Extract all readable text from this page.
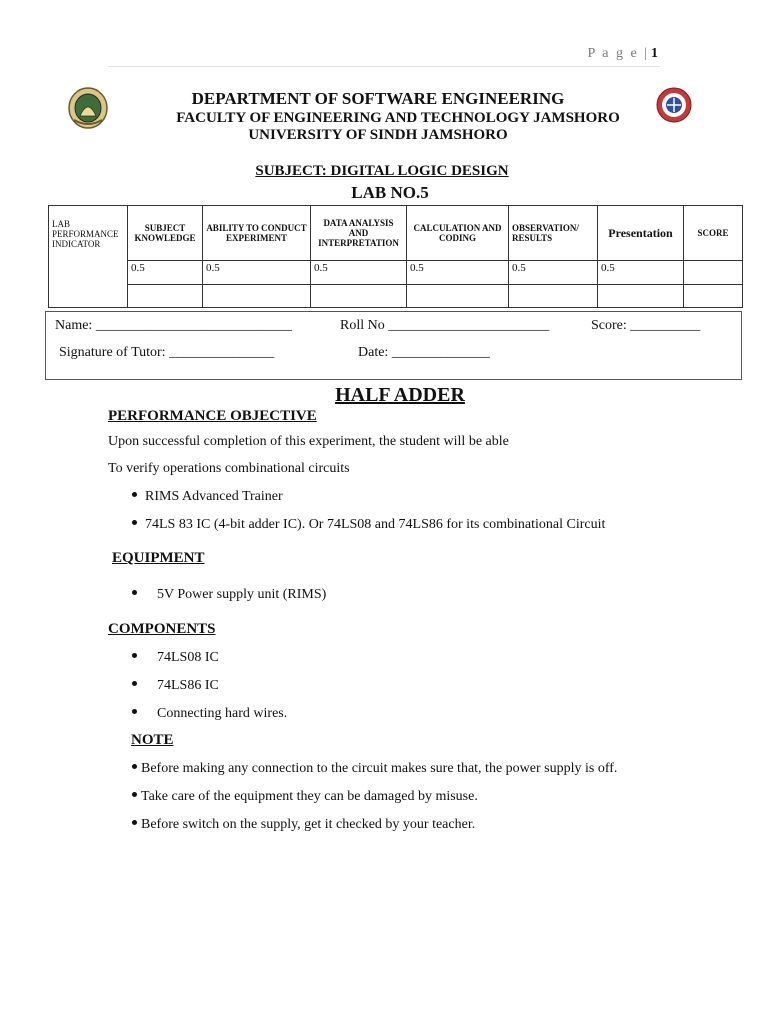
P a g e | 1
DEPARTMENT OF SOFTWARE ENGINEERING
FACULTY OF ENGINEERING AND TECHNOLOGY JAMSHORO
UNIVERSITY OF SINDH JAMSHORO
SUBJECT: DIGITAL LOGIC DESIGN
LAB NO.5
LAB PERFORMANCE INDICATOR	SUBJECT KNOWLEDGE	ABILITY TO CONDUCT EXPERIMENT	DATA ANALYSIS AND INTERPRETATION	CALCULATION AND CODING	OBSERVATION/ RESULTS	Presentation	SCORE
	0.5	0.5	0.5	0.5	0.5	0.5	

Name: ____________________________	Roll No _______________________	Score: __________
Signature of Tutor: _______________	Date: ______________
HALF ADDER
PERFORMANCE OBJECTIVE
Upon successful completion of this experiment, the student will be able
To verify operations combinational circuits
RIMS Advanced Trainer
74LS 83 IC (4-bit adder IC). Or 74LS08 and 74LS86 for its combinational Circuit
EQUIPMENT
5V Power supply unit (RIMS)
COMPONENTS
74LS08 IC
74LS86 IC
Connecting hard wires.
NOTE
Before making any connection to the circuit makes sure that, the power supply is off.
Take care of the equipment they can be damaged by misuse.
Before switch on the supply, get it checked by your teacher.
